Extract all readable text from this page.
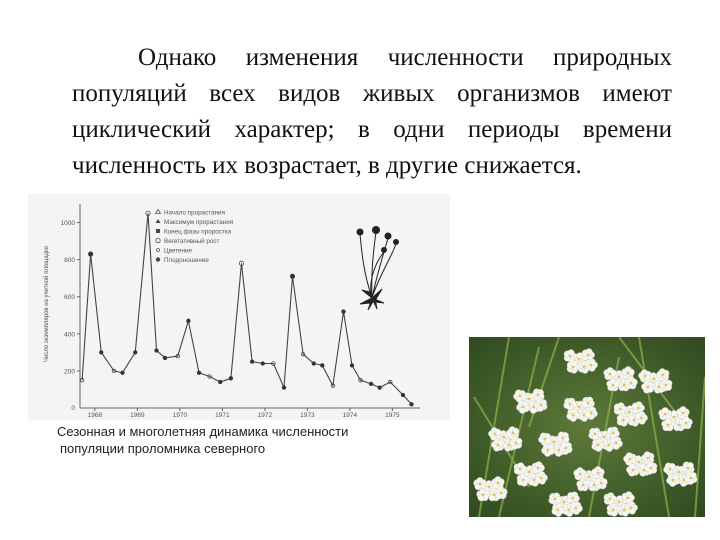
Однако изменения численности природных популяций всех видов живых организмов имеют циклический характер; в одни периоды времени численность их возрастает, в другие снижается.
Число экземпляров на учетной площадке
200
400
600
800
1000
0
1968	1969	1970	1971	1972	1973	1974	1975
Начало прорастания
Максимум прорастания
Конец фазы проростка
Вегетативный рост
Цветение
Плодоношение
Сезонная и многолетняя динамика численности
популяции проломника северного
